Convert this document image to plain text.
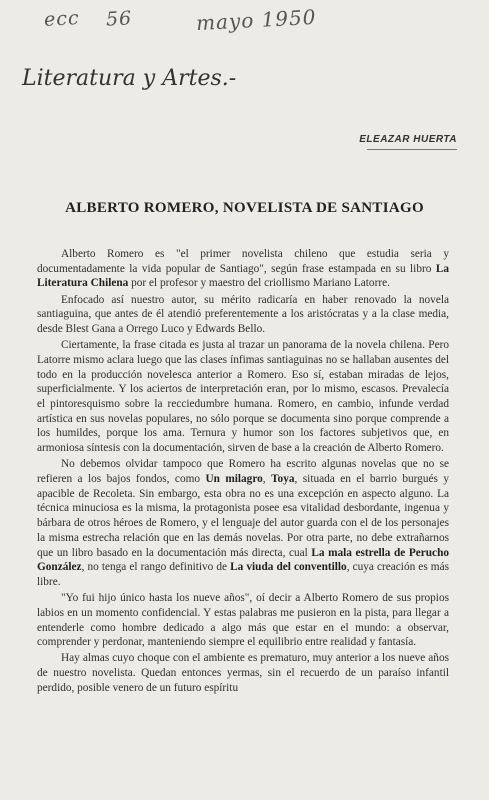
ecc 56	mayo 1950
Literatura y Artes.-
ELEAZAR HUERTA
ALBERTO ROMERO, NOVELISTA DE SANTIAGO

Alberto Romero es "el primer novelista chileno que estudia seria y documentadamente la vida popular de Santiago", según frase estampada en su libro La Literatura Chilena por el profesor y maestro del criollismo Mariano Latorre.

Enfocado así nuestro autor, su mérito radicaría en haber renovado la novela santiaguina, que antes de él atendió preferentemente a los aristócratas y a la clase media, desde Blest Gana a Orrego Luco y Edwards Bello.

Ciertamente, la frase citada es justa al trazar un panorama de la novela chilena. Pero Latorre mismo aclara luego que las clases ínfimas santiaguinas no se hallaban ausentes del todo en la producción novelesca anterior a Romero. Eso sí, estaban miradas de lejos, superficialmente. Y los aciertos de interpretación eran, por lo mismo, escasos. Prevalecía el pintoresquismo sobre la recciedumbre humana. Romero, en cambio, infunde verdad artística en sus novelas populares, no sólo porque se documenta sino porque comprende a los humildes, porque los ama. Ternura y humor son los factores subjetivos que, en armoniosa síntesis con la documentación, sirven de base a la creación de Alberto Romero.

No debemos olvidar tampoco que Romero ha escrito algunas novelas que no se refieren a los bajos fondos, como Un milagro, Toya, situada en el barrio burgués y apacible de Recoleta. Sin embargo, esta obra no es una excepción en aspecto alguno. La técnica minuciosa es la misma, la protagonista posee esa vitalidad desbordante, ingenua y bárbara de otros héroes de Romero, y el lenguaje del autor guarda con el de los personajes la misma estrecha relación que en las demás novelas. Por otra parte, no debe extrañarnos que un libro basado en la documentación más directa, cual La mala estrella de Perucho González, no tenga el rango definitivo de La viuda del conventillo, cuya creación es más libre.

"Yo fui hijo único hasta los nueve años", oí decir a Alberto Romero de sus propios labios en un momento confidencial. Y estas palabras me pusieron en la pista, para llegar a entenderle como hombre dedicado a algo más que estar en el mundo: a observar, comprender y perdonar, manteniendo siempre el equilibrio entre realidad y fantasía.

Hay almas cuyo choque con el ambiente es prematuro, muy anterior a los nueve años de nuestro novelista. Quedan entonces yermas, sin el recuerdo de un paraíso infantil perdido, posible venero de un futuro espíritu
